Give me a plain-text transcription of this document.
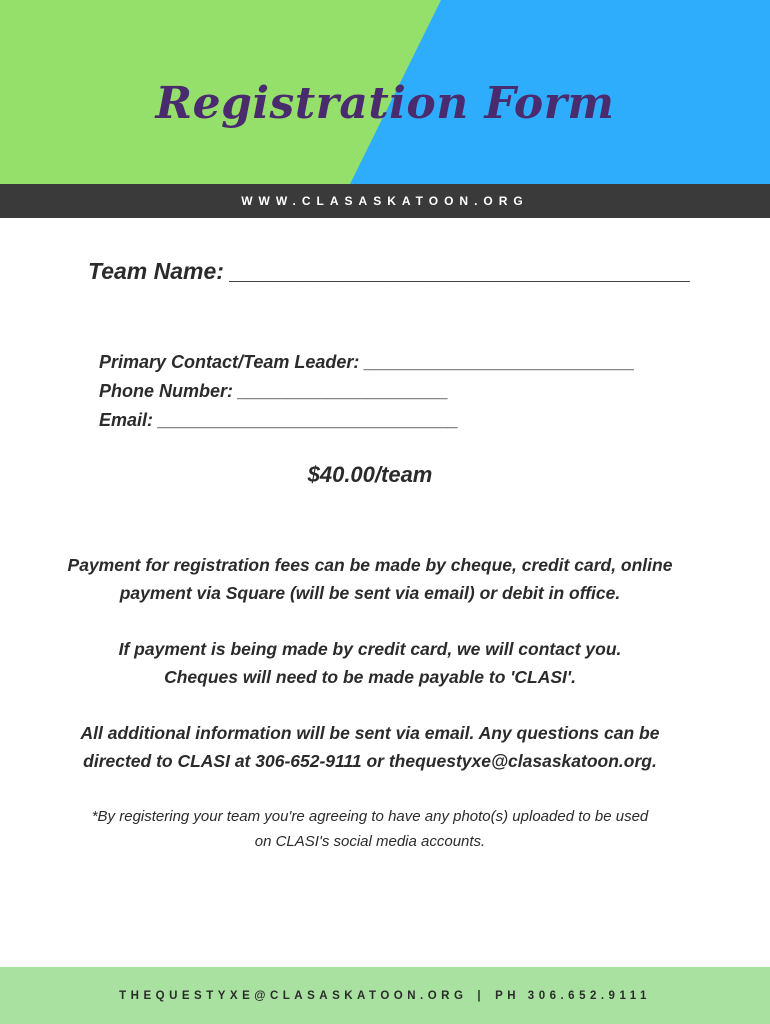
Registration Form
WWW.CLASASKATOON.ORG
Team Name: ____________________________________
Primary Contact/Team Leader: ___________________________
Phone Number: _____________________
Email: ______________________________
$40.00/team
Payment for registration fees can be made by cheque, credit card, online
payment via Square (will be sent via email) or debit in office.
If payment is being made by credit card, we will contact you.
Cheques will need to be made payable to 'CLASI'.
All additional information will be sent via email. Any questions can be
directed to CLASI at 306-652-9111 or thequestyxe@clasaskatoon.org.
*By registering your team you're agreeing to have any photo(s) uploaded to be used
on CLASI's social media accounts.
THEQUESTYXE@CLASASKATOON.ORG | PH 306.652.9111
